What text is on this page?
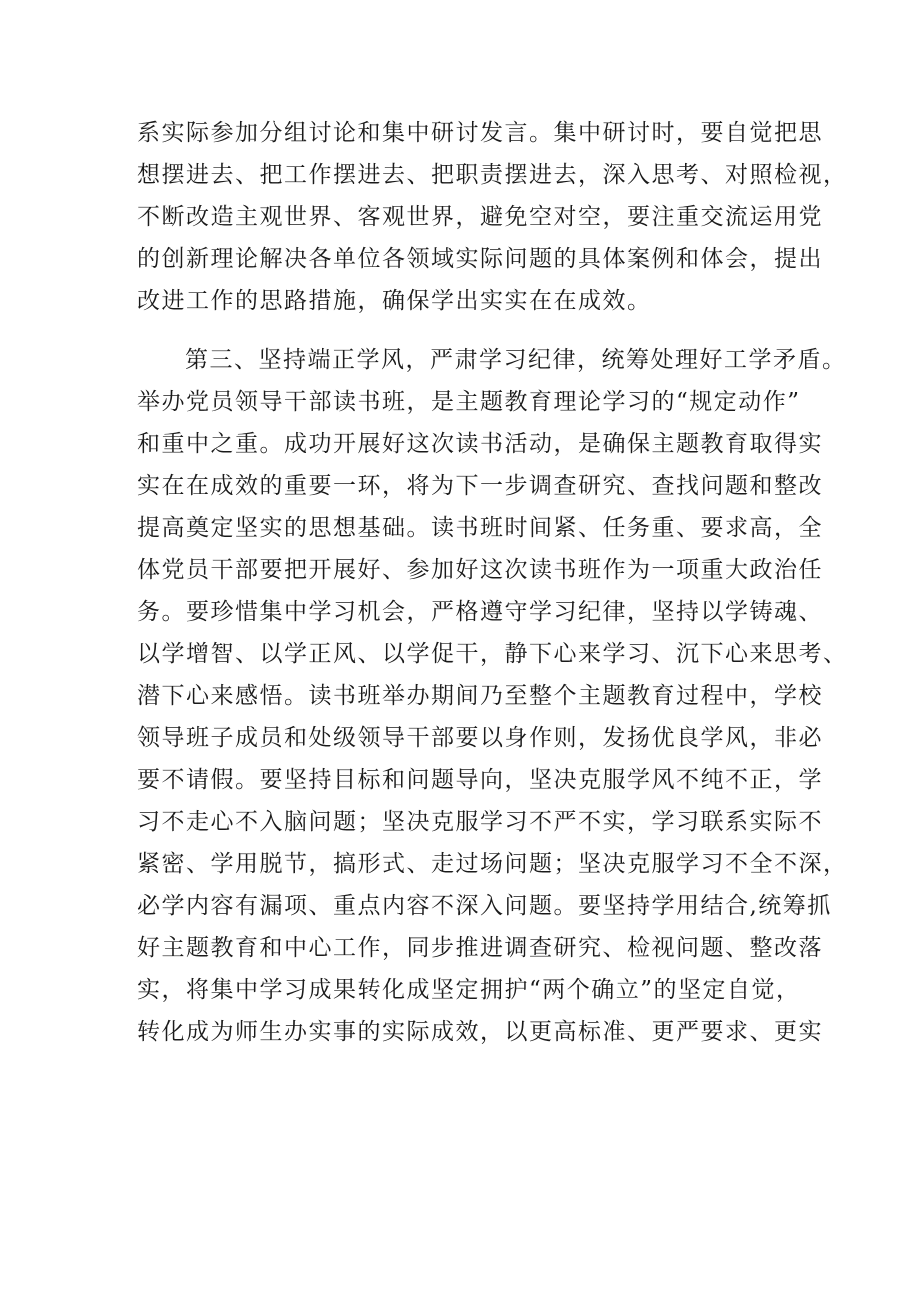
系实际参加分组讨论和集中研讨发言。集中研讨时，要自觉把思
想摆进去、把工作摆进去、把职责摆进去，深入思考、对照检视，
不断改造主观世界、客观世界，避免空对空，要注重交流运用党
的创新理论解决各单位各领域实际问题的具体案例和体会，提出
改进工作的思路措施，确保学出实实在在成效。
第三、坚持端正学风，严肃学习纪律，统筹处理好工学矛盾。
举办党员领导干部读书班，是主题教育理论学习的“规定动作”
和重中之重。成功开展好这次读书活动，是确保主题教育取得实
实在在成效的重要一环，将为下一步调查研究、查找问题和整改
提高奠定坚实的思想基础。读书班时间紧、任务重、要求高，全
体党员干部要把开展好、参加好这次读书班作为一项重大政治任
务。要珍惜集中学习机会，严格遵守学习纪律，坚持以学铸魂、
以学增智、以学正风、以学促干，静下心来学习、沉下心来思考、
潜下心来感悟。读书班举办期间乃至整个主题教育过程中，学校
领导班子成员和处级领导干部要以身作则，发扬优良学风，非必
要不请假。要坚持目标和问题导向，坚决克服学风不纯不正，学
习不走心不入脑问题；坚决克服学习不严不实，学习联系实际不
紧密、学用脱节，搞形式、走过场问题；坚决克服学习不全不深，
必学内容有漏项、重点内容不深入问题。要坚持学用结合,统筹抓
好主题教育和中心工作，同步推进调查研究、检视问题、整改落
实，将集中学习成果转化成坚定拥护“两个确立”的坚定自觉，
转化成为师生办实事的实际成效，以更高标准、更严要求、更实
